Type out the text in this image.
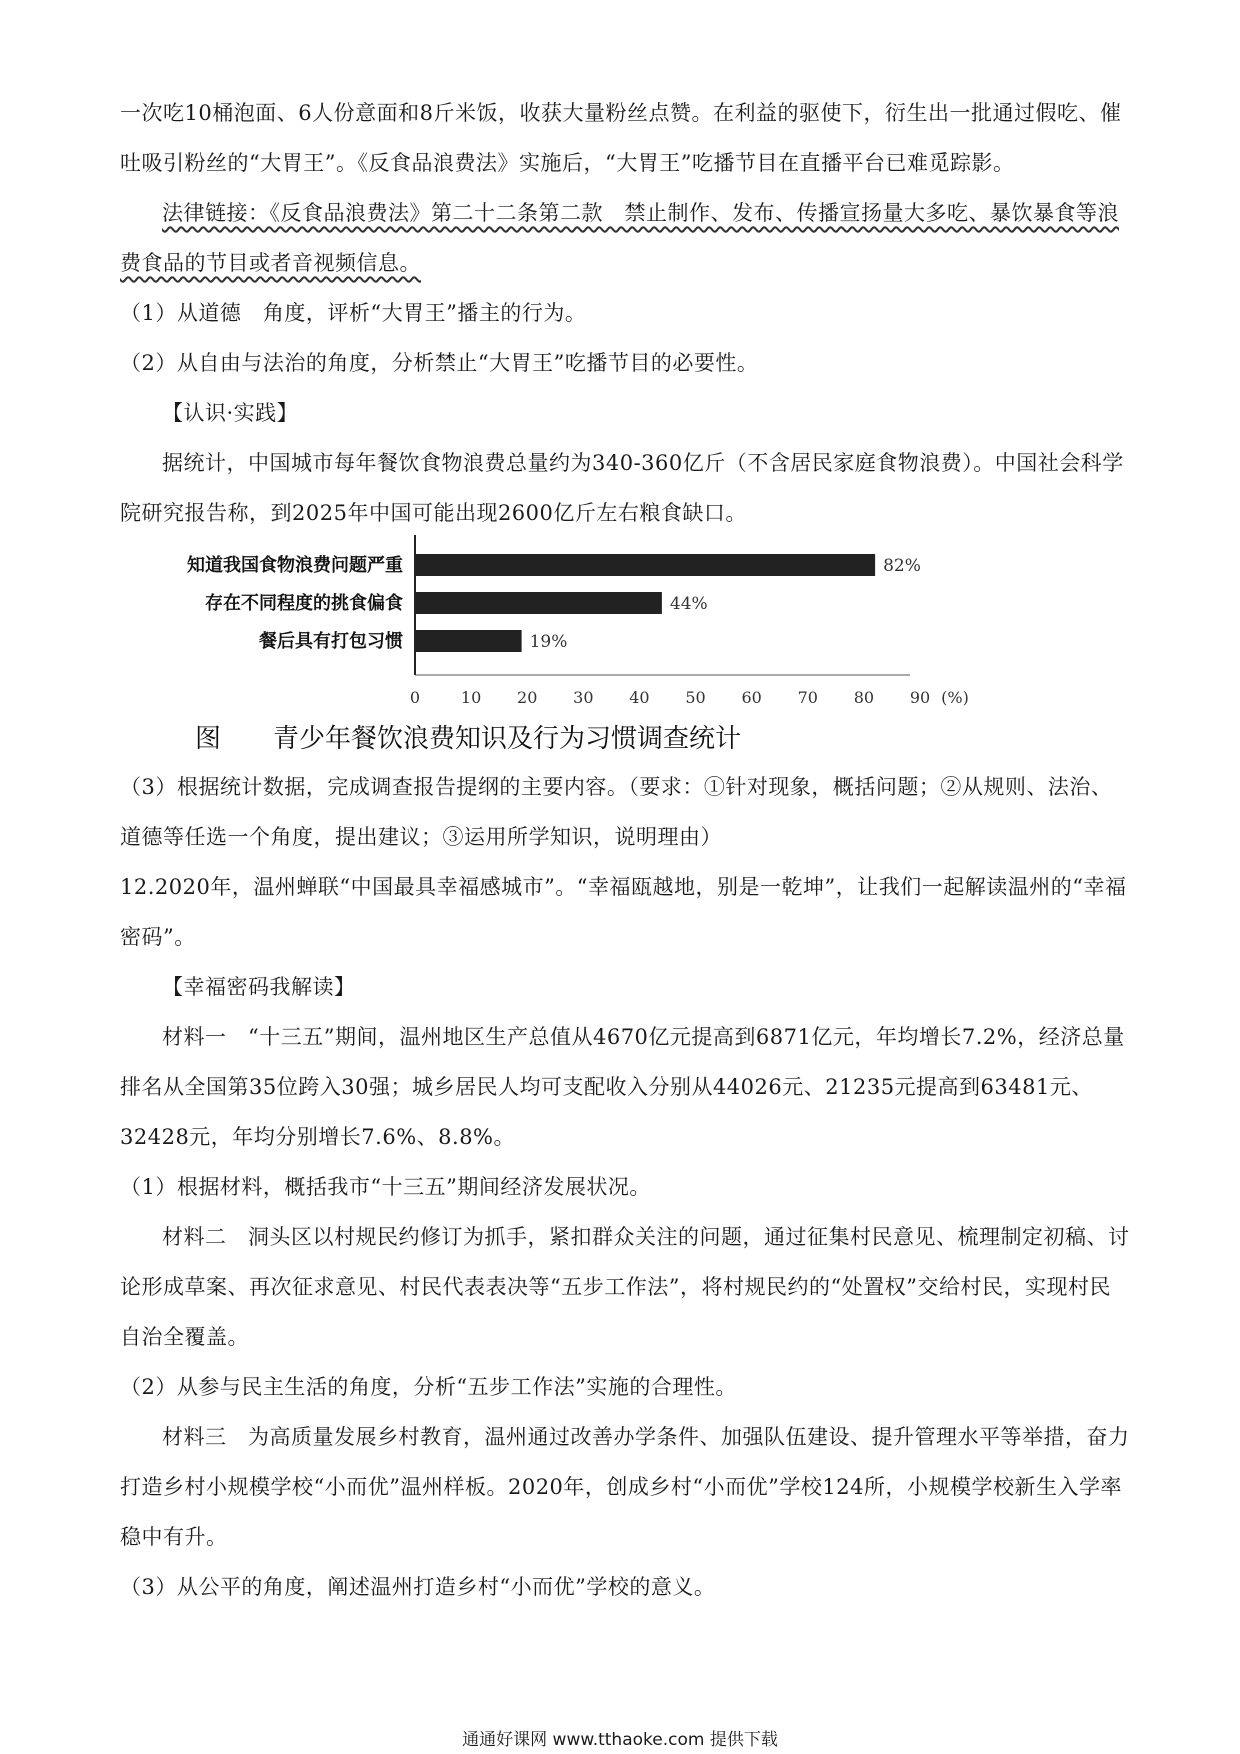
一次吃10桶泡面、6人份意面和8斤米饭，收获大量粉丝点赞。在利益的驱使下，衍生出一批通过假吃、催吐吸引粉丝的“大胃王”。《反食品浪费法》实施后，“大胃王”吃播节目在直播平台已难觅踪影。

法律链接：《反食品浪费法》第二十二条第二款　禁止制作、发布、传播宣扬量大多吃、暴饮暴食等浪费食品的节目或者音视频信息。

（1）从道德　角度，评析“大胃王”播主的行为。

（2）从自由与法治的角度，分析禁止“大胃王”吃播节目的必要性。

【认识·实践】

据统计，中国城市每年餐饮食物浪费总量约为340-360亿斤（不含居民家庭食物浪费）。中国社会科学院研究报告称，到2025年中国可能出现2600亿斤左右粮食缺口。

知道我国食物浪费问题严重	82%
存在不同程度的挑食偏食	44%
餐后具有打包习惯	19%
0	10 20 30 40 50 60 70 80 90 (%)
图　　青少年餐饮浪费知识及行为习惯调查统计

（3）根据统计数据，完成调查报告提纲的主要内容。（要求：①针对现象，概括问题；②从规则、法治、道德等任选一个角度，提出建议；③运用所学知识，说明理由）

12.2020年，温州蝉联“中国最具幸福感城市”。“幸福瓯越地，别是一乾坤”，让我们一起解读温州的“幸福密码”。

【幸福密码我解读】

材料一　“十三五”期间，温州地区生产总值从4670亿元提高到6871亿元，年均增长7.2%，经济总量排名从全国第35位跨入30强；城乡居民人均可支配收入分别从44026元、21235元提高到63481元、32428元，年均分别增长7.6%、8.8%。

（1）根据材料，概括我市“十三五”期间经济发展状况。

材料二　洞头区以村规民约修订为抓手，紧扣群众关注的问题，通过征集村民意见、梳理制定初稿、讨论形成草案、再次征求意见、村民代表表决等“五步工作法”，将村规民约的“处置权”交给村民，实现村民自治全覆盖。

（2）从参与民主生活的角度，分析“五步工作法”实施的合理性。

材料三　为高质量发展乡村教育，温州通过改善办学条件、加强队伍建设、提升管理水平等举措，奋力打造乡村小规模学校“小而优”温州样板。2020年，创成乡村“小而优”学校124所，小规模学校新生入学率稳中有升。

（3）从公平的角度，阐述温州打造乡村“小而优”学校的意义。

通通好课网 www.tthaoke.com 提供下载
